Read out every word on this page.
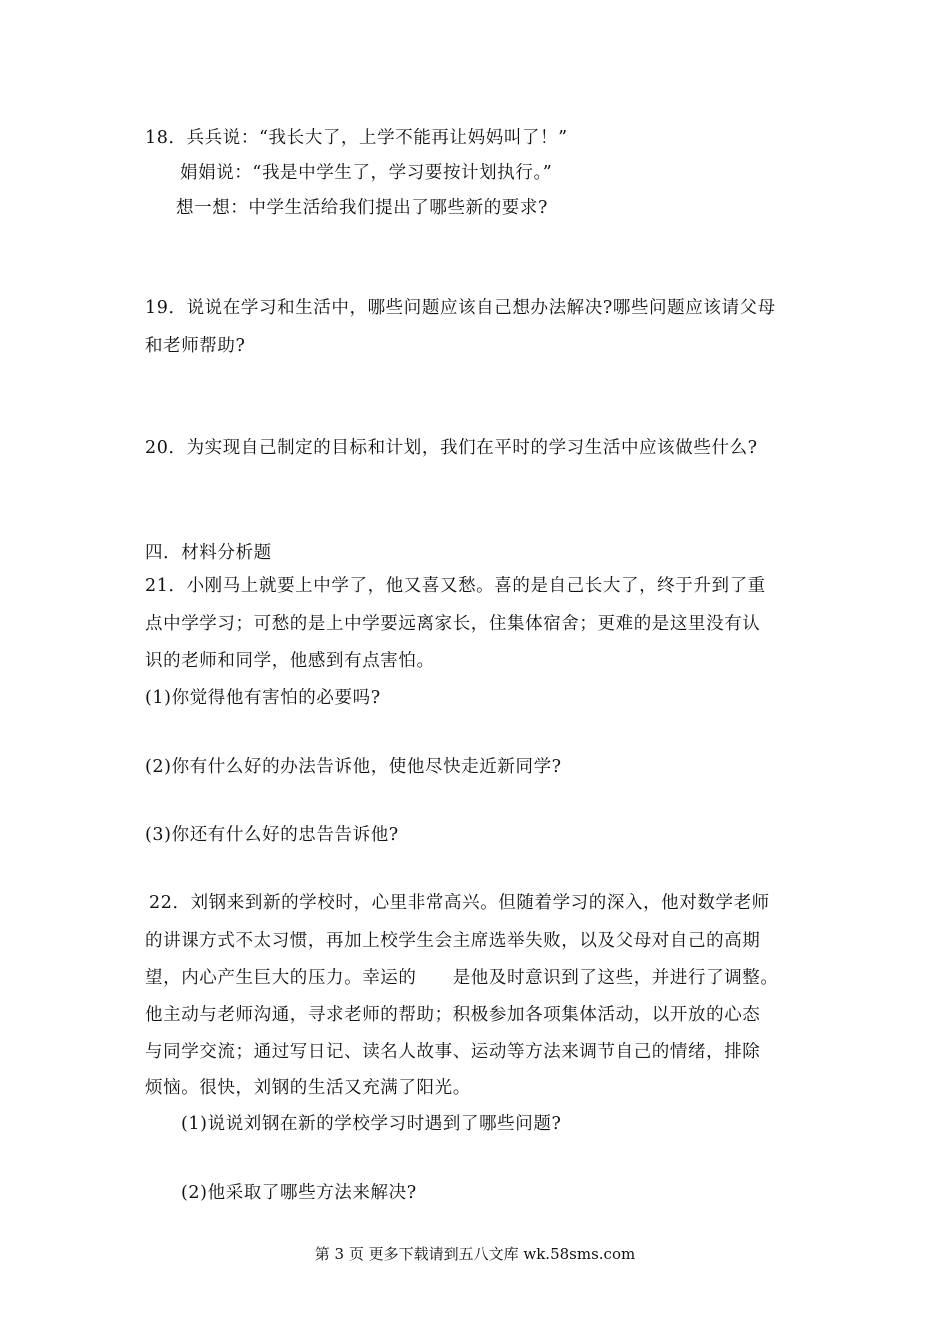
18．兵兵说：“我长大了，上学不能再让妈妈叫了！”
娟娟说：“我是中学生了，学习要按计划执行。”
想一想：中学生活给我们提出了哪些新的要求?
19．说说在学习和生活中，哪些问题应该自己想办法解决?哪些问题应该请父母
和老师帮助?
20．为实现自己制定的目标和计划，我们在平时的学习生活中应该做些什么?
四．材料分析题
21．小刚马上就要上中学了，他又喜又愁。喜的是自己长大了，终于升到了重
点中学学习；可愁的是上中学要远离家长，住集体宿舍；更难的是这里没有认
识的老师和同学，他感到有点害怕。
(1)你觉得他有害怕的必要吗?
(2)你有什么好的办法告诉他，使他尽快走近新同学?
(3)你还有什么好的忠告告诉他?
22．刘钢来到新的学校时，心里非常高兴。但随着学习的深入，他对数学老师
的讲课方式不太习惯，再加上校学生会主席选举失败，以及父母对自己的高期
望，内心产生巨大的压力。幸运的　　是他及时意识到了这些，并进行了调整。
他主动与老师沟通，寻求老师的帮助；积极参加各项集体活动，以开放的心态
与同学交流；通过写日记、读名人故事、运动等方法来调节自己的情绪，排除
烦恼。很快，刘钢的生活又充满了阳光。
(1)说说刘钢在新的学校学习时遇到了哪些问题?
(2)他采取了哪些方法来解决?
第 3 页 更多下载请到五八文库 wk.58sms.com
